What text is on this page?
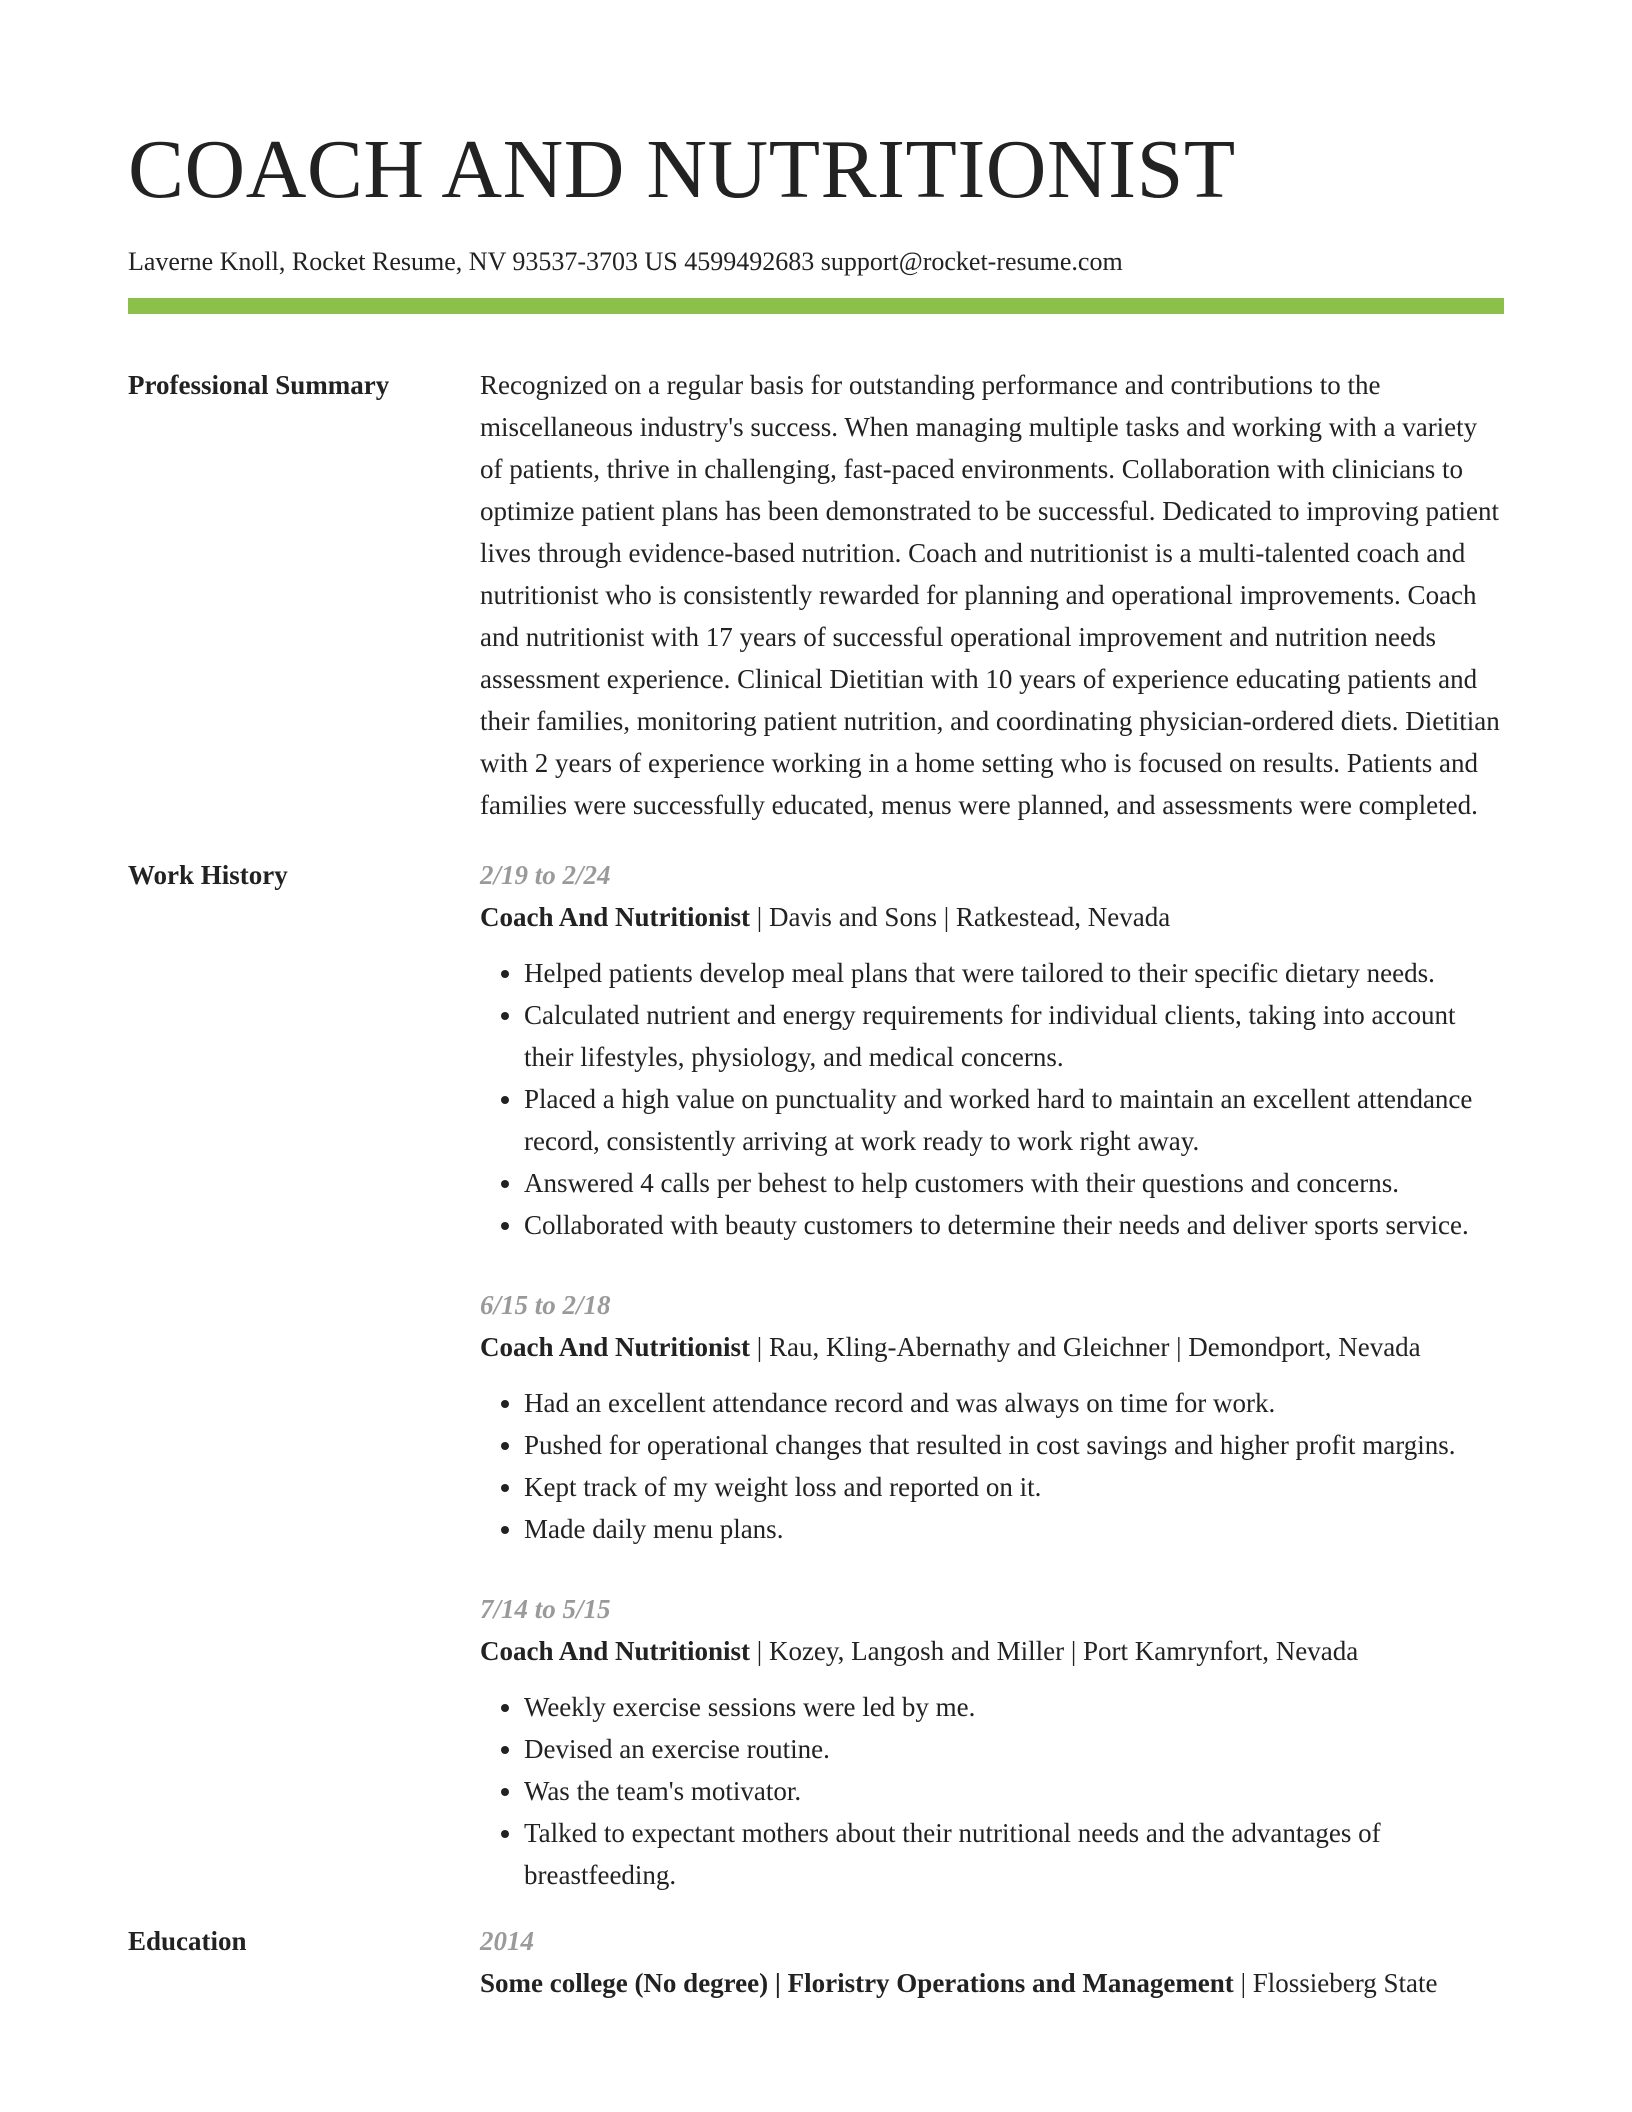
COACH AND NUTRITIONIST
Laverne Knoll, Rocket Resume, NV 93537-3703 US 4599492683 support@rocket-resume.com
Professional Summary	Recognized on a regular basis for outstanding performance and contributions to the miscellaneous industry's success. When managing multiple tasks and working with a variety of patients, thrive in challenging, fast-paced environments. Collaboration with clinicians to optimize patient plans has been demonstrated to be successful. Dedicated to improving patient lives through evidence-based nutrition. Coach and nutritionist is a multi-talented coach and nutritionist who is consistently rewarded for planning and operational improvements. Coach and nutritionist with 17 years of successful operational improvement and nutrition needs assessment experience. Clinical Dietitian with 10 years of experience educating patients and their families, monitoring patient nutrition, and coordinating physician-ordered diets. Dietitian with 2 years of experience working in a home setting who is focused on results. Patients and families were successfully educated, menus were planned, and assessments were completed.

Work History	2/19 to 2/24
Coach And Nutritionist | Davis and Sons | Ratkestead, Nevada
• Helped patients develop meal plans that were tailored to their specific dietary needs.
• Calculated nutrient and energy requirements for individual clients, taking into account their lifestyles, physiology, and medical concerns.
• Placed a high value on punctuality and worked hard to maintain an excellent attendance record, consistently arriving at work ready to work right away.
• Answered 4 calls per behest to help customers with their questions and concerns.
• Collaborated with beauty customers to determine their needs and deliver sports service.
6/15 to 2/18
Coach And Nutritionist | Rau, Kling-Abernathy and Gleichner | Demondport, Nevada
• Had an excellent attendance record and was always on time for work.
• Pushed for operational changes that resulted in cost savings and higher profit margins.
• Kept track of my weight loss and reported on it.
• Made daily menu plans.
7/14 to 5/15
Coach And Nutritionist | Kozey, Langosh and Miller | Port Kamrynfort, Nevada
• Weekly exercise sessions were led by me.
• Devised an exercise routine.
• Was the team's motivator.
• Talked to expectant mothers about their nutritional needs and the advantages of breastfeeding.
Education	2014
Some college (No degree) | Floristry Operations and Management | Flossieberg State
